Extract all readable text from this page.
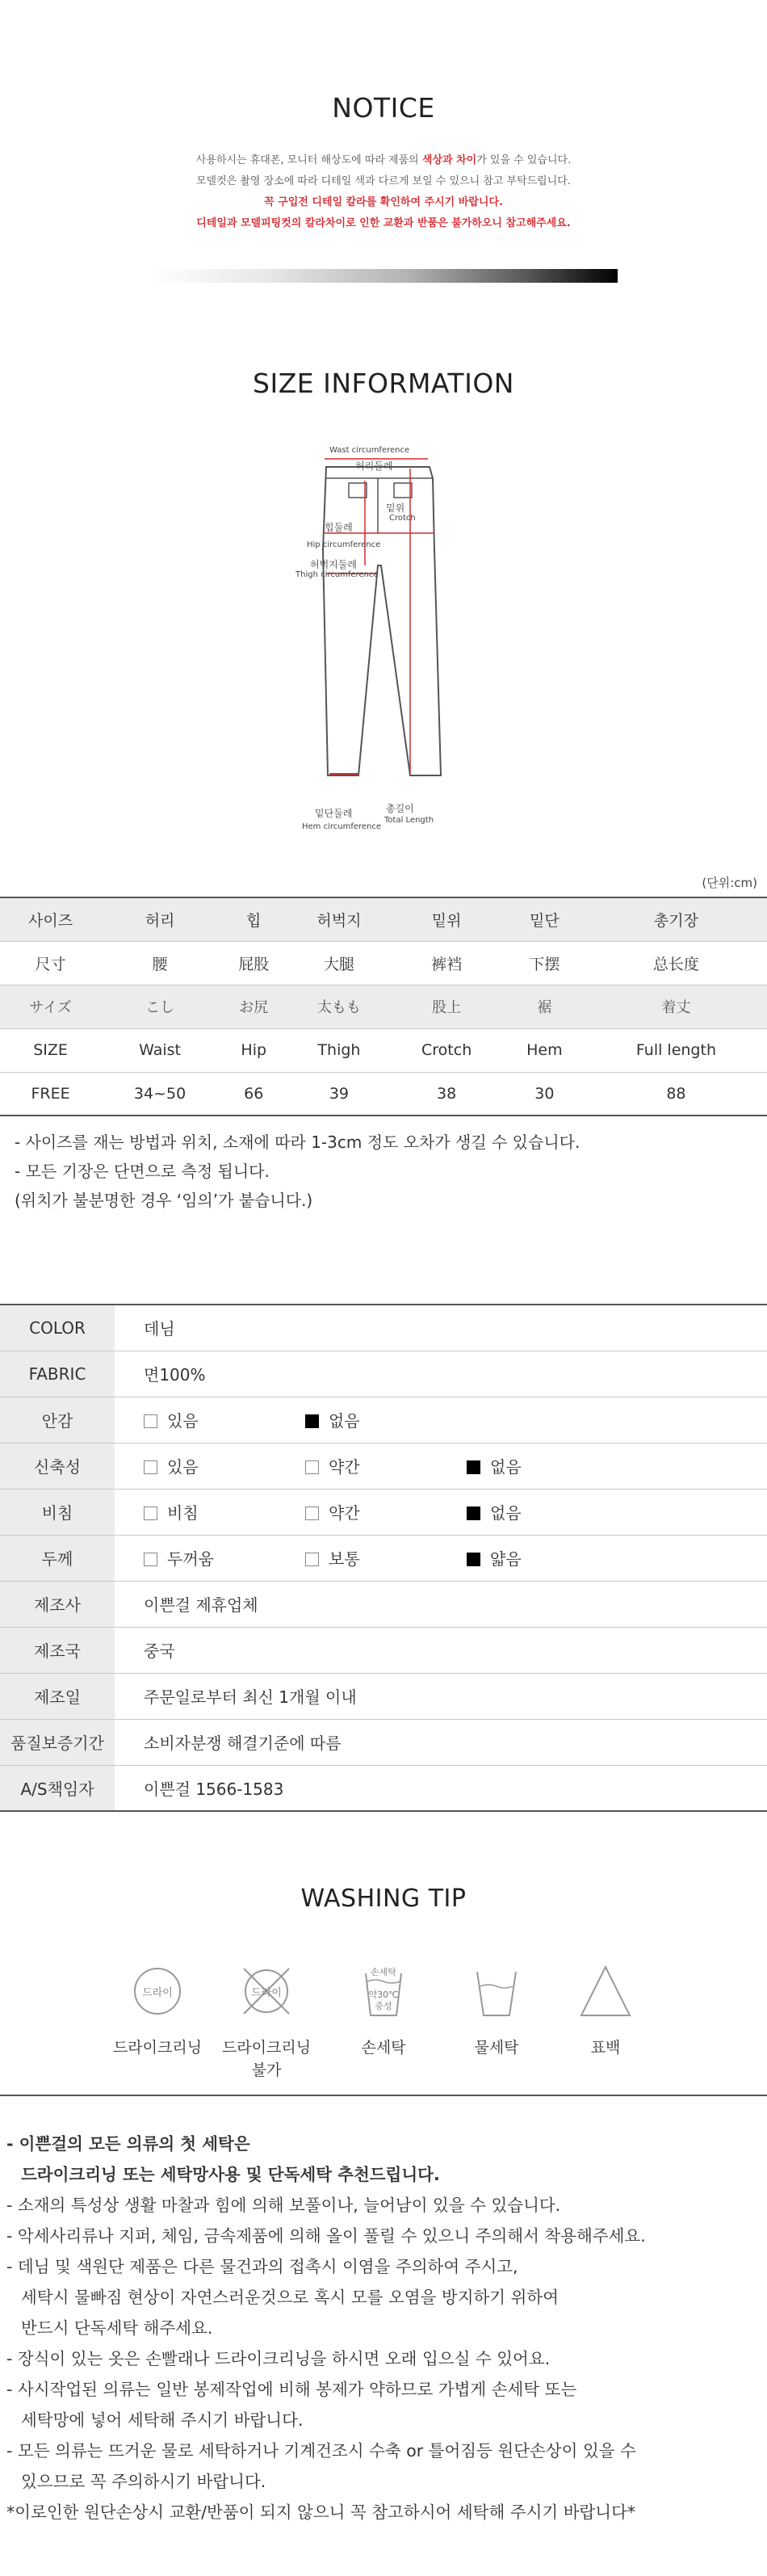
NOTICE
사용하시는 휴대폰, 모니터 해상도에 따라 제품의 색상과 차이가 있을 수 있습니다.
모델컷은 촬영 장소에 따라 디테일 색과 다르게 보일 수 있으니 참고 부탁드립니다.
꼭 구입전 디테일 칼라를 확인하여 주시기 바랍니다.
디테일과 모델피팅컷의 칼라차이로 인한 교환과 반품은 불가하오니 참고해주세요.
SIZE INFORMATION
Wast circumference
허리둘레
밑위
Crotch
힙둘레
Hip circumference
허벅지둘레
Thigh circumference
밑단둘레
Hem circumference
총길이
Total Length
(단위:cm)
사이즈	허리	힙	허벅지	밑위	밑단	총기장
尺寸	腰	屁股	大腿	裤裆	下摆	总长度
サイズ	こし	お尻	太もも	股上	裾	着丈
SIZE	Waist	Hip	Thigh	Crotch	Hem	Full length
FREE	34~50	66	39	38	30	88
- 사이즈를 재는 방법과 위치, 소재에 따라 1-3cm 정도 오차가 생길 수 있습니다.
- 모든 기장은 단면으로 측정 됩니다.
(위치가 불분명한 경우 ‘임의’가 붙습니다.)
COLOR	데님
FABRIC	면100%
안감	있음 없음
신축성	있음 약간 없음
비침	비침 약간 없음
두께	두꺼움 보통 얇음
제조사	이쁜걸 제휴업체
제조국	중국
제조일	주문일로부터 최신 1개월 이내
품질보증기간	소비자분쟁 해결기준에 따름
A/S책임자	이쁜걸 1566-1583
WASHING TIP
드라이
드라이크리닝
드라이
드라이크리닝
불가
손세탁
약30℃
중성
손세탁	물세탁	표백
- 이쁜걸의 모든 의류의 첫 세탁은
드라이크리닝 또는 세탁망사용 및 단독세탁 추천드립니다.
- 소재의 특성상 생활 마찰과 힘에 의해 보풀이나, 늘어남이 있을 수 있습니다.
- 악세사리류나 지퍼, 체임, 금속제품에 의해 올이 풀릴 수 있으니 주의해서 착용해주세요.
- 데님 및 색원단 제품은 다른 물건과의 접촉시 이염을 주의하여 주시고,
세탁시 물빠짐 현상이 자연스러운것으로 혹시 모를 오염을 방지하기 위하여
반드시 단독세탁 해주세요.
- 장식이 있는 옷은 손빨래나 드라이크리닝을 하시면 오래 입으실 수 있어요.
- 사시작업된 의류는 일반 봉제작업에 비해 봉제가 약하므로 가볍게 손세탁 또는
세탁망에 넣어 세탁해 주시기 바랍니다.
- 모든 의류는 뜨거운 물로 세탁하거나 기계건조시 수축 or 틀어짐등 원단손상이 있을 수
있으므로 꼭 주의하시기 바랍니다.
*이로인한 원단손상시 교환/반품이 되지 않으니 꼭 참고하시어 세탁해 주시기 바랍니다*
